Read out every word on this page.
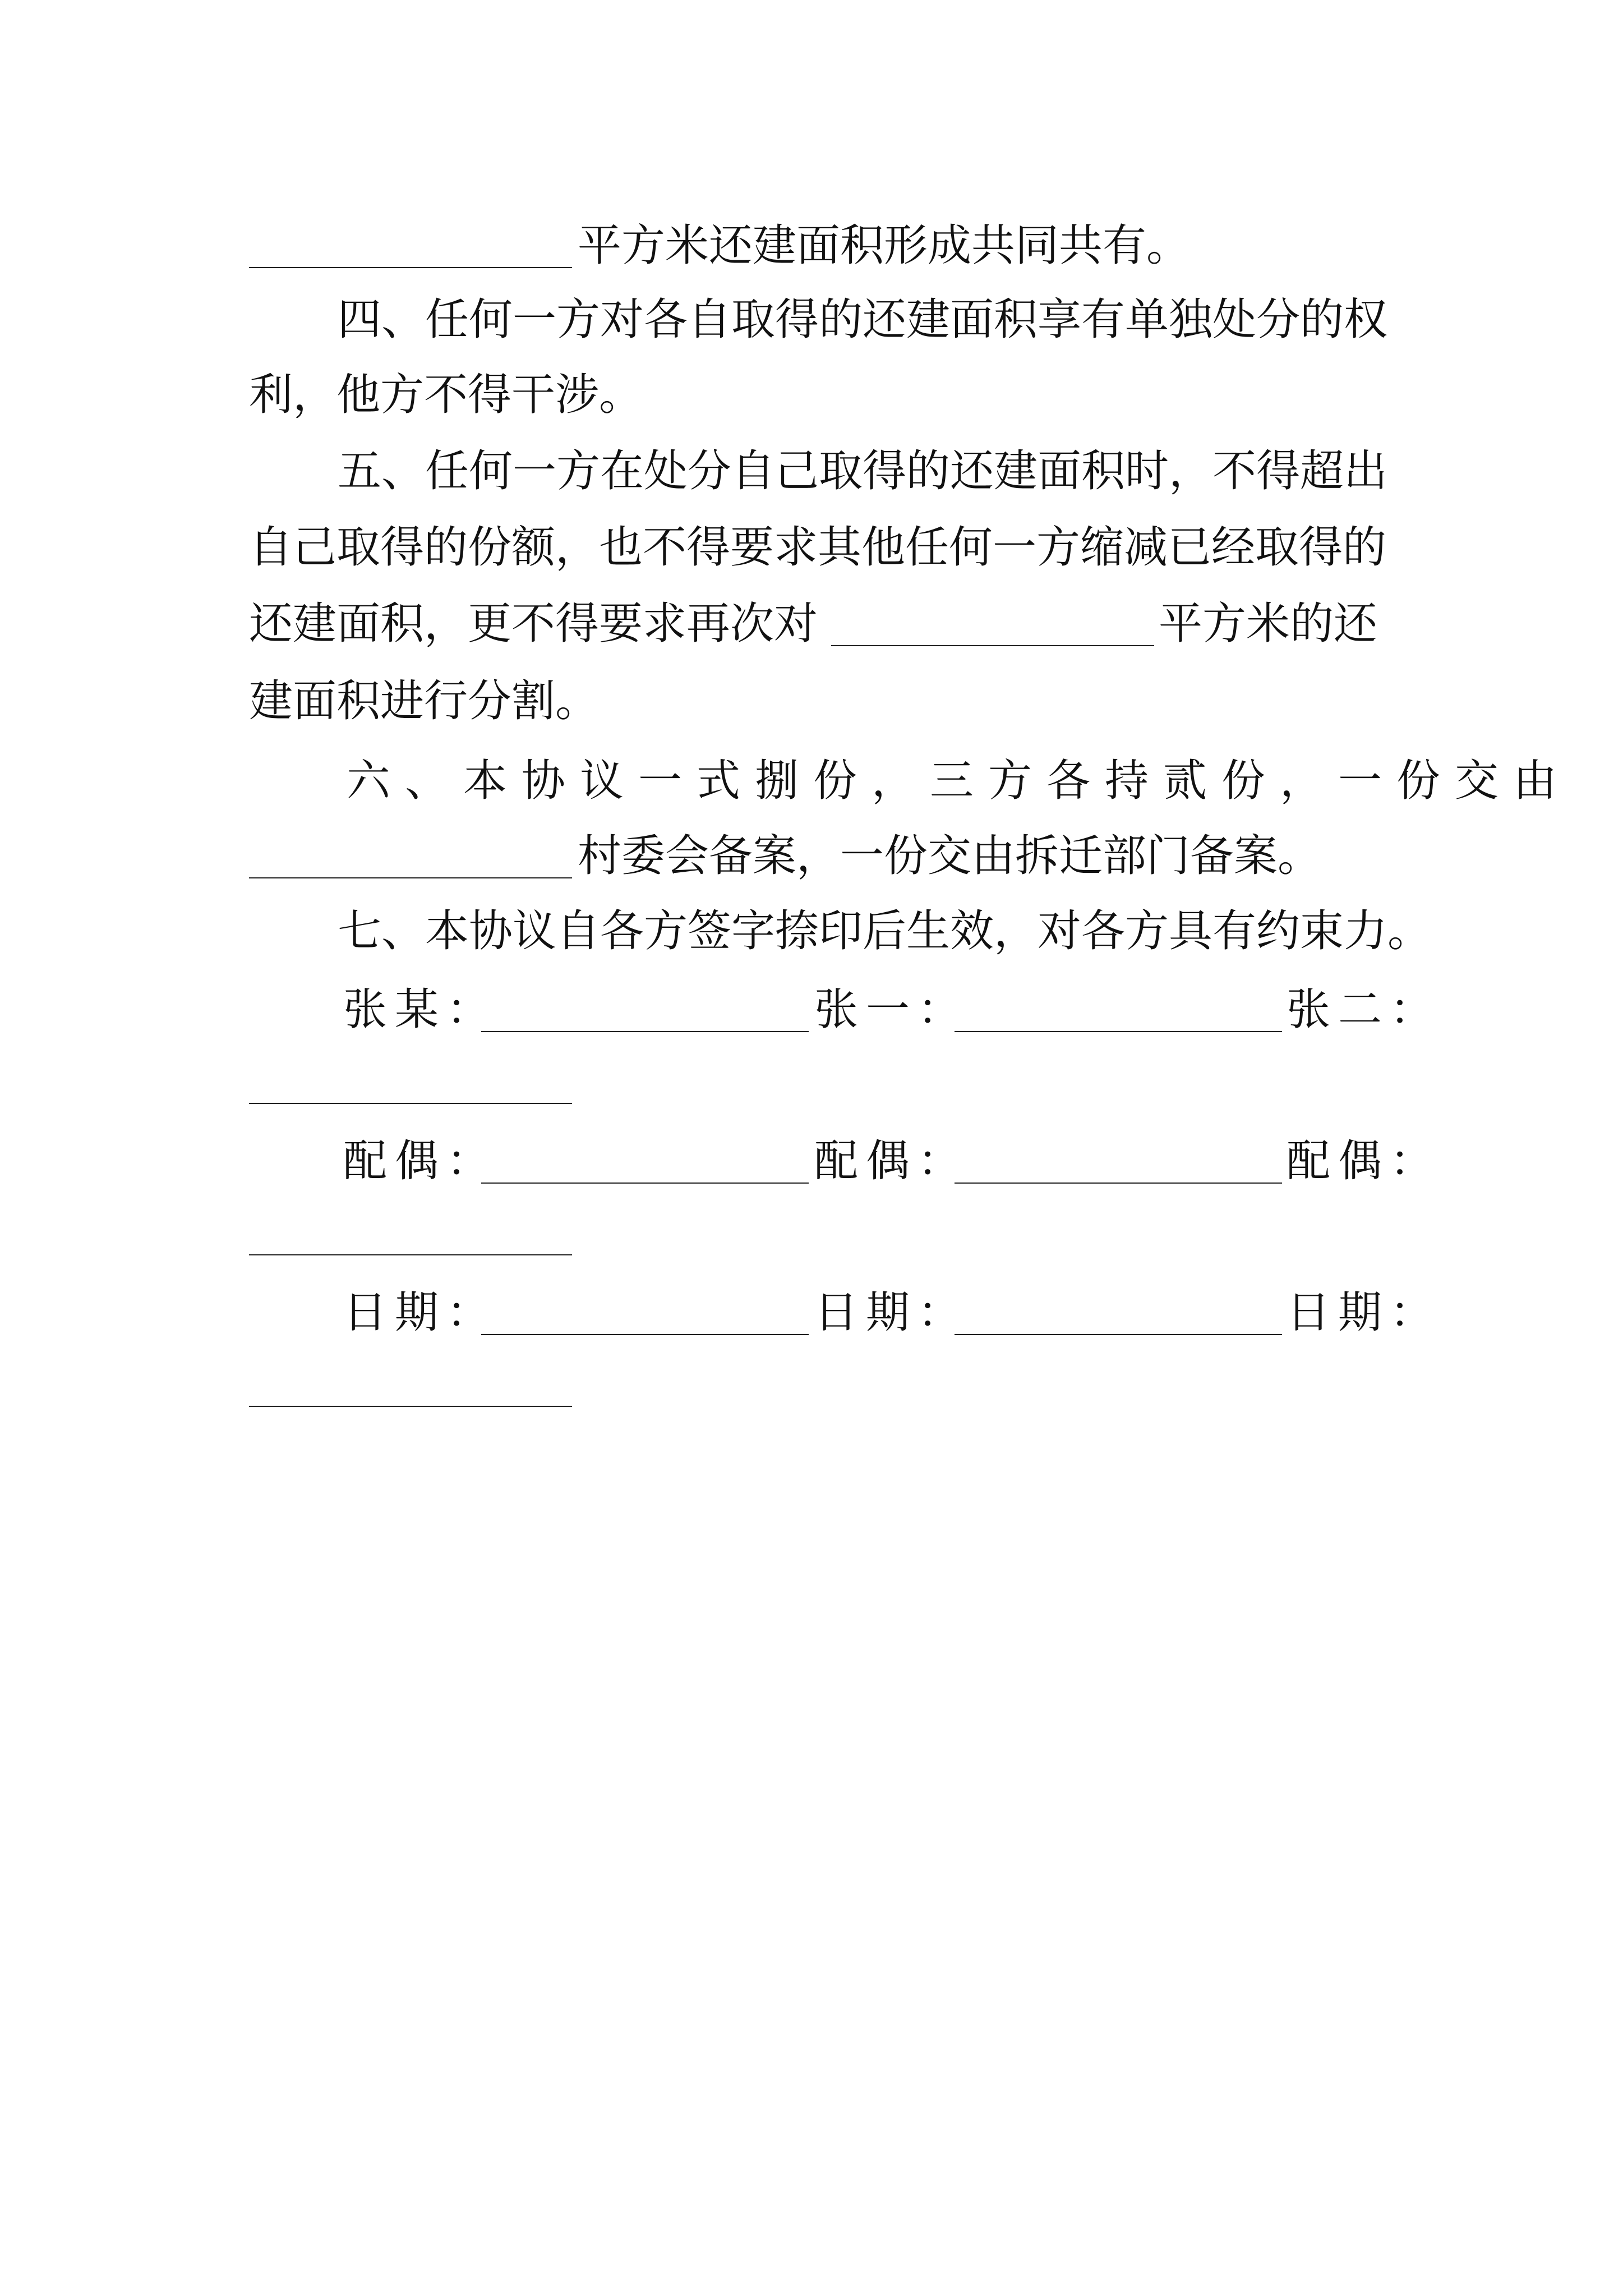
平方米还建面积形成共同共有。
四、任何一方对各自取得的还建面积享有单独处分的权
利，他方不得干涉。
五、任何一方在处分自己取得的还建面积时，不得超出
自己取得的份额，也不得要求其他任何一方缩减已经取得的
还建面积，更不得要求再次对	平方米的还
建面积进行分割。
六、本协议一式捌份，三方各持贰份，一份交由
村委会备案，一份交由拆迁部门备案。
七、本协议自各方签字捺印后生效，对各方具有约束力。
张某：	张一：	张二：
配偶：	配偶：	配偶：
日期：	日期：	日期：
